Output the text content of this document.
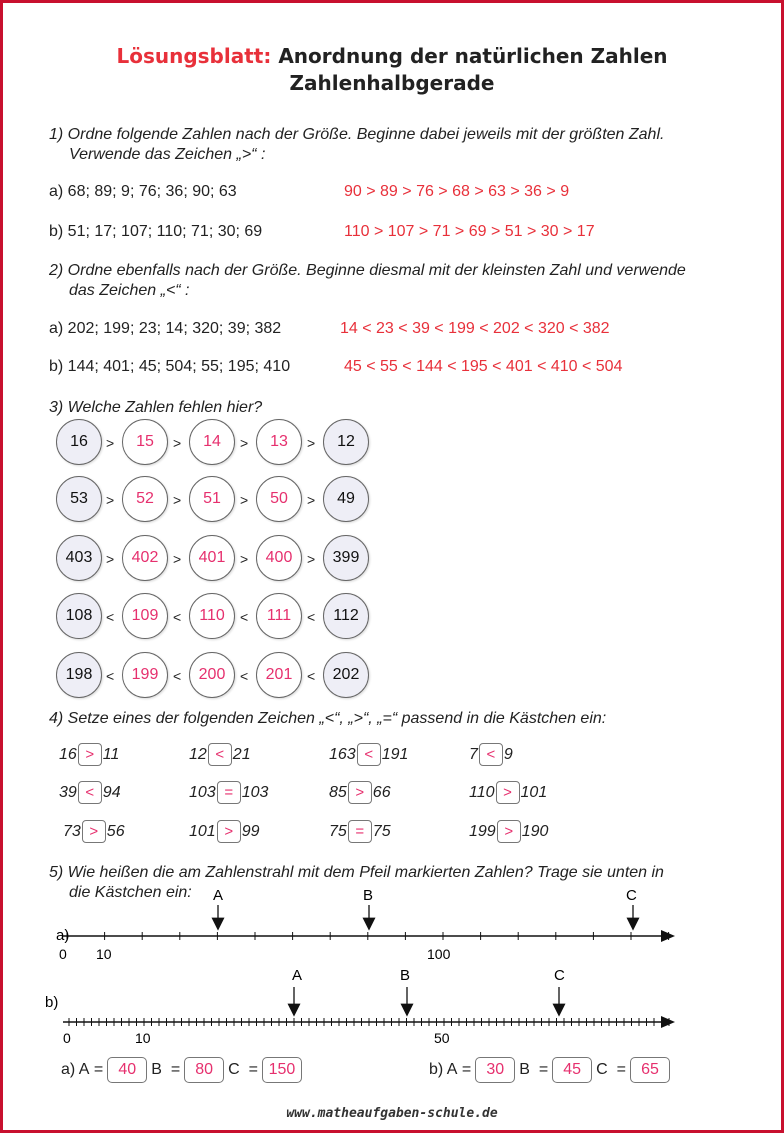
Lösungsblatt: Anordnung der natürlichen Zahlen
Zahlenhalbgerade
1) Ordne folgende Zahlen nach der Größe. Beginne dabei jeweils mit der größten Zahl.
Verwende das Zeichen „>“ :
a) 68; 89; 9; 76; 36; 90; 63	90 > 89 > 76 > 68 > 63 > 36 > 9
b) 51; 17; 107; 110; 71; 30; 69	110 > 107 > 71 > 69 > 51 > 30 > 17
2) Ordne ebenfalls nach der Größe. Beginne diesmal mit der kleinsten Zahl und verwende
das Zeichen „<“ :
a) 202; 199; 23; 14; 320; 39; 382	14 < 23 < 39 < 199 < 202 < 320 < 382
b) 144; 401; 45; 504; 55; 195; 410	45 < 55 < 144 < 195 < 401 < 410 < 504
3) Welche Zahlen fehlen hier?
16	15	14	13	12
>	>	>	>
53	52	51	50	49
>	>	>	>
403	402	401	400	399
>	>	>	>
108	109	110	111	112
<	<	<	<
198	199	200	201	202
<	<	<	<
4) Setze eines der folgenden Zeichen „<“, „>“, „=“ passend in die Kästchen ein:
16 > 11	12 < 21	163 < 191	7 < 9
39 < 94	103 = 103	85 > 66	110 > 101
73 > 56	101 > 99	75 = 75	199 > 190
5) Wie heißen die am Zahlenstrahl mit dem Pfeil markierten Zahlen? Trage sie unten in
die Kästchen ein:
a)
0 10	100
A	B	C
b)
0	10	50
A	B	C
a) A
= 40 B
= 80 C
= 150	b) A
= 30 B
= 45 C
= 65
www.matheaufgaben-schule.de
